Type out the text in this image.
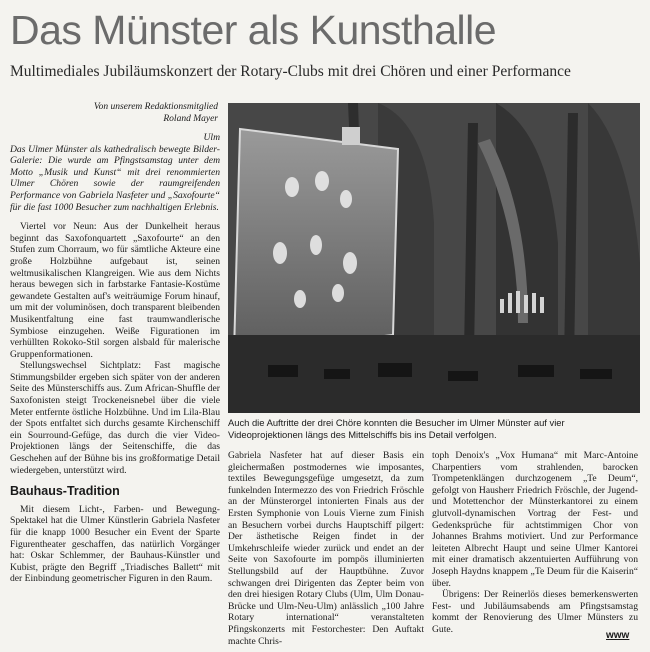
Das Münster als Kunsthalle
Multimediales Jubiläumskonzert der Rotary-Clubs mit drei Chören und einer Performance
Von unserem Redaktionsmitglied
Roland Mayer

Ulm

Das Ulmer Münster als kathedralisch bewegte Bilder-Galerie: Die wurde am Pfingstsamstag unter dem Motto „Musik und Kunst“ mit drei renommierten Ulmer Chören sowie der raumgreifenden Performance von Gabriela Nasfeter und „Saxofourte“ für die fast 1000 Besucher zum nachhaltigen Erlebnis.

Viertel vor Neun: Aus der Dunkelheit heraus beginnt das Saxofonquartett „Saxofourte“ an den Stufen zum Chorraum, wo für sämtliche Akteure eine große Holzbühne aufgebaut ist, seinen weltmusikalischen Klangreigen. Wie aus dem Nichts heraus bewegen sich in farbstarke Fantasie-Kostüme gewandete Gestalten auf's weiträumige Forum hinauf, um mit der voluminösen, doch transparent bleibenden Musikentfaltung eine fast traumwandlerische Symbiose einzugehen. Weiße Figurationen im verhüllten Rokoko-Stil sorgen alsbald für malerische Gruppenformationen.

Stellungswechsel Sichtplatz: Fast magische Stimmungsbilder ergeben sich später von der anderen Seite des Münsterschiffs aus. Zum African-Shuffle der Saxofonisten steigt Trockeneisnebel über die viele Meter entfernte östliche Holzbühne. Und im Lila-Blau der Spots entfaltet sich durchs gesamte Kirchenschiff ein Sourround-Gefüge, das durch die vier Video-Projektionen längs der Seitenschiffe, die das Geschehen auf der Bühne bis ins großformatige Detail wiedergeben, unterstützt wird.

Bauhaus-Tradition

Mit diesem Licht-, Farben- und Bewegung-Spektakel hat die Ulmer Künstlerin Gabriela Nasfeter für die knapp 1000 Besucher ein Event der Sparte Figurentheater geschaffen, das natürlich Vorgänger hat: Oskar Schlemmer, der Bauhaus-Künstler und Kubist, prägte den Begriff „Triadisches Ballett“ mit der Einbindung geometrischer Figuren in den Raum.

Auch die Auftritte der drei Chöre konnten die Besucher im Ulmer Münster auf vier Videoprojektionen längs des Mittelschiffs bis ins Detail verfolgen.

Gabriela Nasfeter hat auf dieser Basis ein gleichermaßen postmodernes wie imposantes, textiles Bewegungsgefüge umgesetzt, da zum funkelnden Intermezzo des von Friedrich Fröschle an der Münsterorgel intonierten Finals aus der Ersten Symphonie von Louis Vierne zum Finish an Besuchern vorbei durchs Hauptschiff pilgert: Der ästhetische Reigen findet in der Umkehrschleife wieder zurück und endet an der Seite von Saxofourte im pompös illuminierten Stellungsbild auf der Hauptbühne. Zuvor schwangen drei Dirigenten das Zepter beim von den drei hiesigen Rotary Clubs (Ulm, Ulm Donau-Brücke und Ulm-Neu-Ulm) anlässlich „100 Jahre Rotary international“ veranstalteten Pfingskonzerts mit Festorchester: Den Auftakt machte Chris-

toph Denoix's „Vox Humana“ mit Marc-Antoine Charpentiers vom strahlenden, barocken Trompetenklängen durchzogenem „Te Deum“, gefolgt von Hausherr Friedrich Fröschle, der Jugend- und Motettenchor der Münsterkantorei zu einem glutvoll-dynamischen Vortrag der Fest- und Gedenksprüche für achtstimmigen Chor von Johannes Brahms motiviert. Und zur Performance leiteten Albrecht Haupt und seine Ulmer Kantorei mit einer dramatisch akzentuierten Aufführung von Joseph Haydns knappem „Te Deum für die Kaiserin“ über.

Übrigens: Der Reinerlös dieses bemerkenswerten Fest- und Jubiläumsabends am Pfingstsamstag kommt der Renovierung des Ulmer Münsters zu Gute.

www
